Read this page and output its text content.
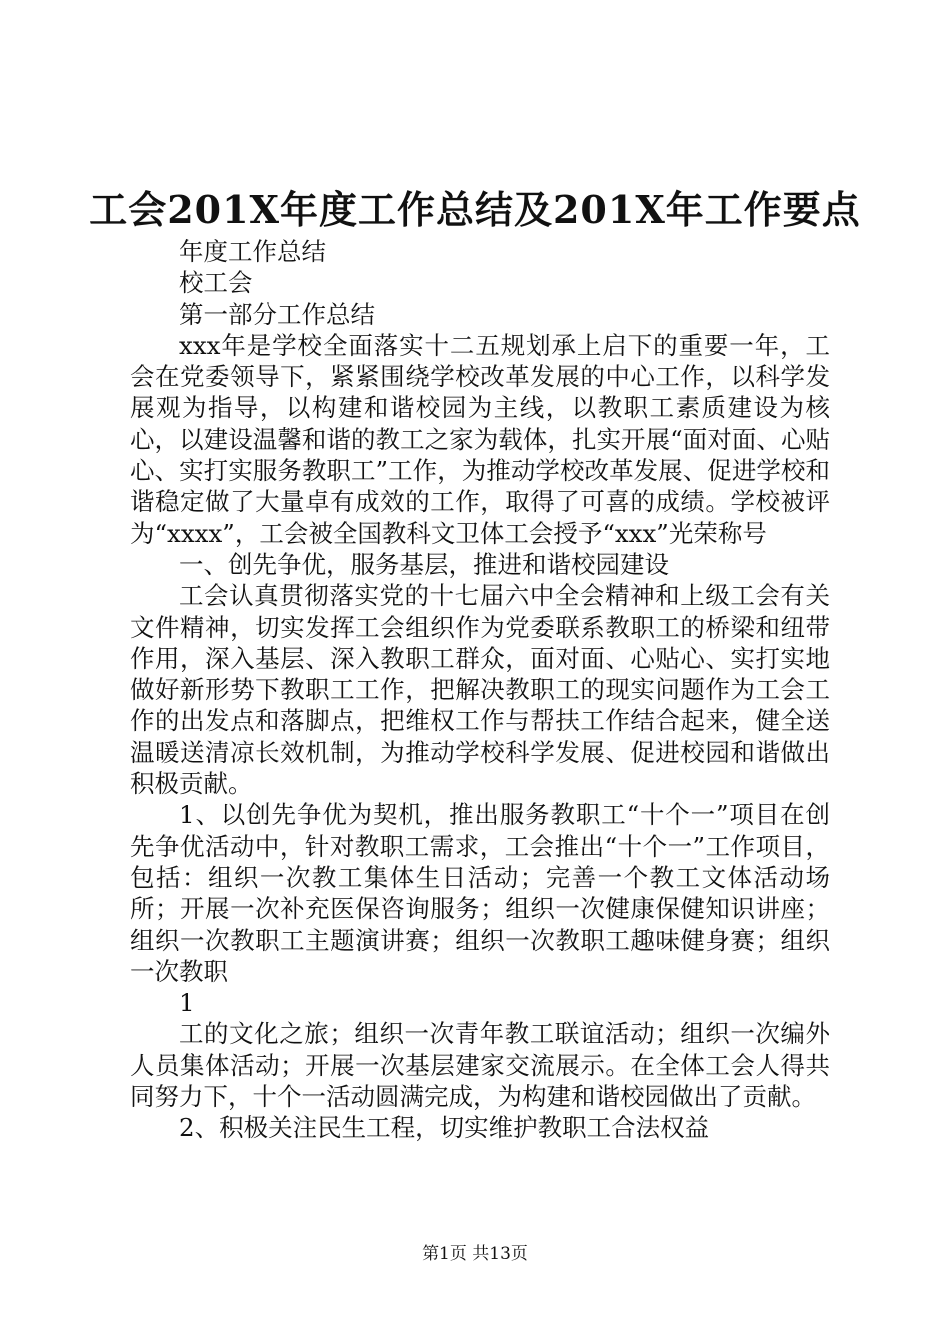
工会201X年度工作总结及201X年工作要点

年度工作总结

校工会

第一部分工作总结

xxx年是学校全面落实十二五规划承上启下的重要一年，工会在党委领导下，紧紧围绕学校改革发展的中心工作，以科学发展观为指导，以构建和谐校园为主线，以教职工素质建设为核心，以建设温馨和谐的教工之家为载体，扎实开展“面对面、心贴心、实打实服务教职工”工作，为推动学校改革发展、促进学校和谐稳定做了大量卓有成效的工作，取得了可喜的成绩。学校被评为“xxxx”，工会被全国教科文卫体工会授予“xxx”光荣称号

一、创先争优，服务基层，推进和谐校园建设

工会认真贯彻落实党的十七届六中全会精神和上级工会有关文件精神，切实发挥工会组织作为党委联系教职工的桥梁和纽带作用，深入基层、深入教职工群众，面对面、心贴心、实打实地做好新形势下教职工工作，把解决教职工的现实问题作为工会工作的出发点和落脚点，把维权工作与帮扶工作结合起来，健全送温暖送清凉长效机制，为推动学校科学发展、促进校园和谐做出积极贡献。

1、以创先争优为契机，推出服务教职工“十个一”项目在创先争优活动中，针对教职工需求，工会推出“十个一”工作项目，包括：组织一次教工集体生日活动；完善一个教工文体活动场所；开展一次补充医保咨询服务；组织一次健康保健知识讲座；组织一次教职工主题演讲赛；组织一次教职工趣味健身赛；组织一次教职

1

工的文化之旅；组织一次青年教工联谊活动；组织一次编外人员集体活动；开展一次基层建家交流展示。在全体工会人得共同努力下，十个一活动圆满完成，为构建和谐校园做出了贡献。

2、积极关注民生工程，切实维护教职工合法权益

第1页 共13页
